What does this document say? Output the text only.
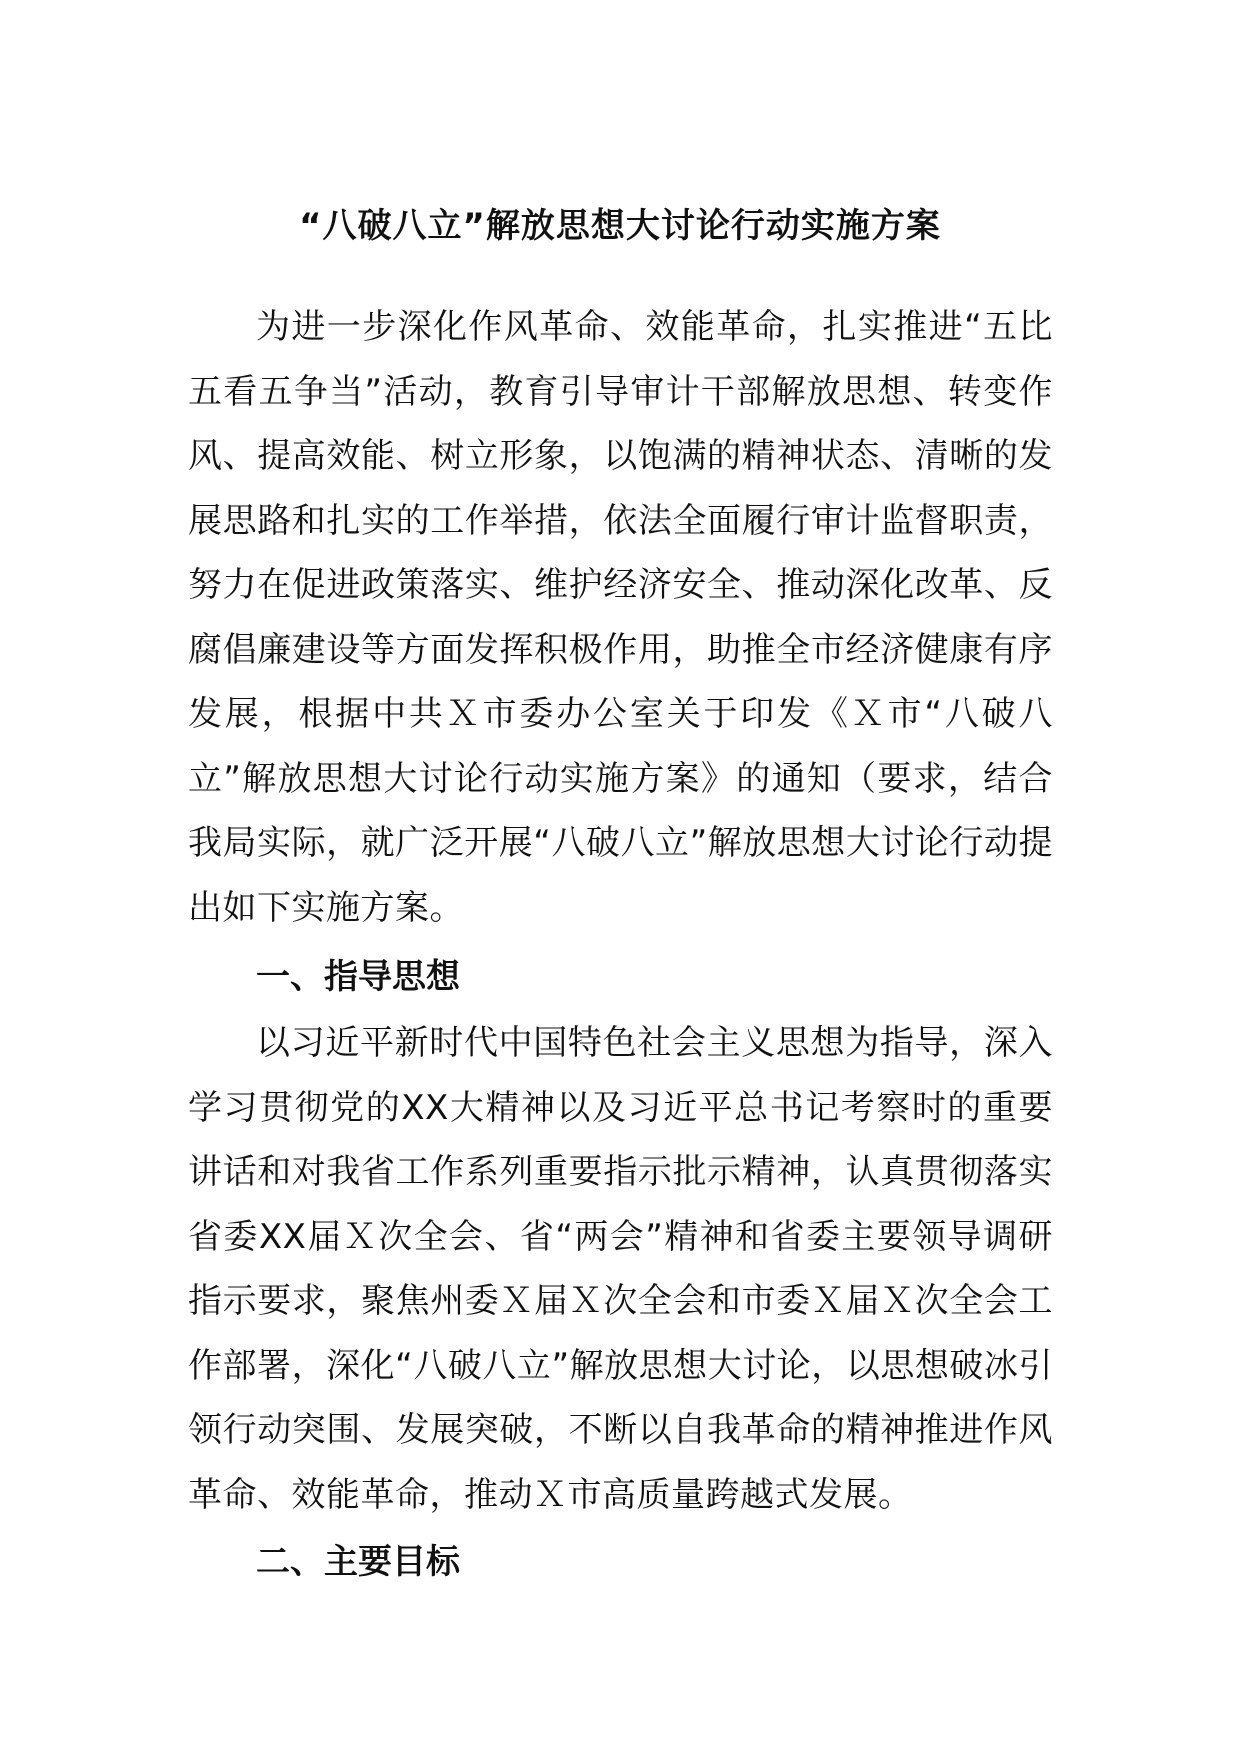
“八破八立”解放思想大讨论行动实施方案

为进一步深化作风革命、效能革命，扎实推进“五比五看五争当”活动，教育引导审计干部解放思想、转变作风、提高效能、树立形象，以饱满的精神状态、清晰的发展思路和扎实的工作举措，依法全面履行审计监督职责，努力在促进政策落实、维护经济安全、推动深化改革、反腐倡廉建设等方面发挥积极作用，助推全市经济健康有序发展，根据中共Ｘ市委办公室关于印发《Ｘ市“八破八立”解放思想大讨论行动实施方案》的通知（要求，结合我局实际，就广泛开展“八破八立”解放思想大讨论行动提出如下实施方案。

一、指导思想

以习近平新时代中国特色社会主义思想为指导，深入学习贯彻党的XX大精神以及习近平总书记考察时的重要讲话和对我省工作系列重要指示批示精神，认真贯彻落实省委XX届Ｘ次全会、省“两会”精神和省委主要领导调研指示要求，聚焦州委Ｘ届Ｘ次全会和市委Ｘ届Ｘ次全会工作部署，深化“八破八立”解放思想大讨论，以思想破冰引领行动突围、发展突破，不断以自我革命的精神推进作风革命、效能革命，推动Ｘ市高质量跨越式发展。

二、主要目标
